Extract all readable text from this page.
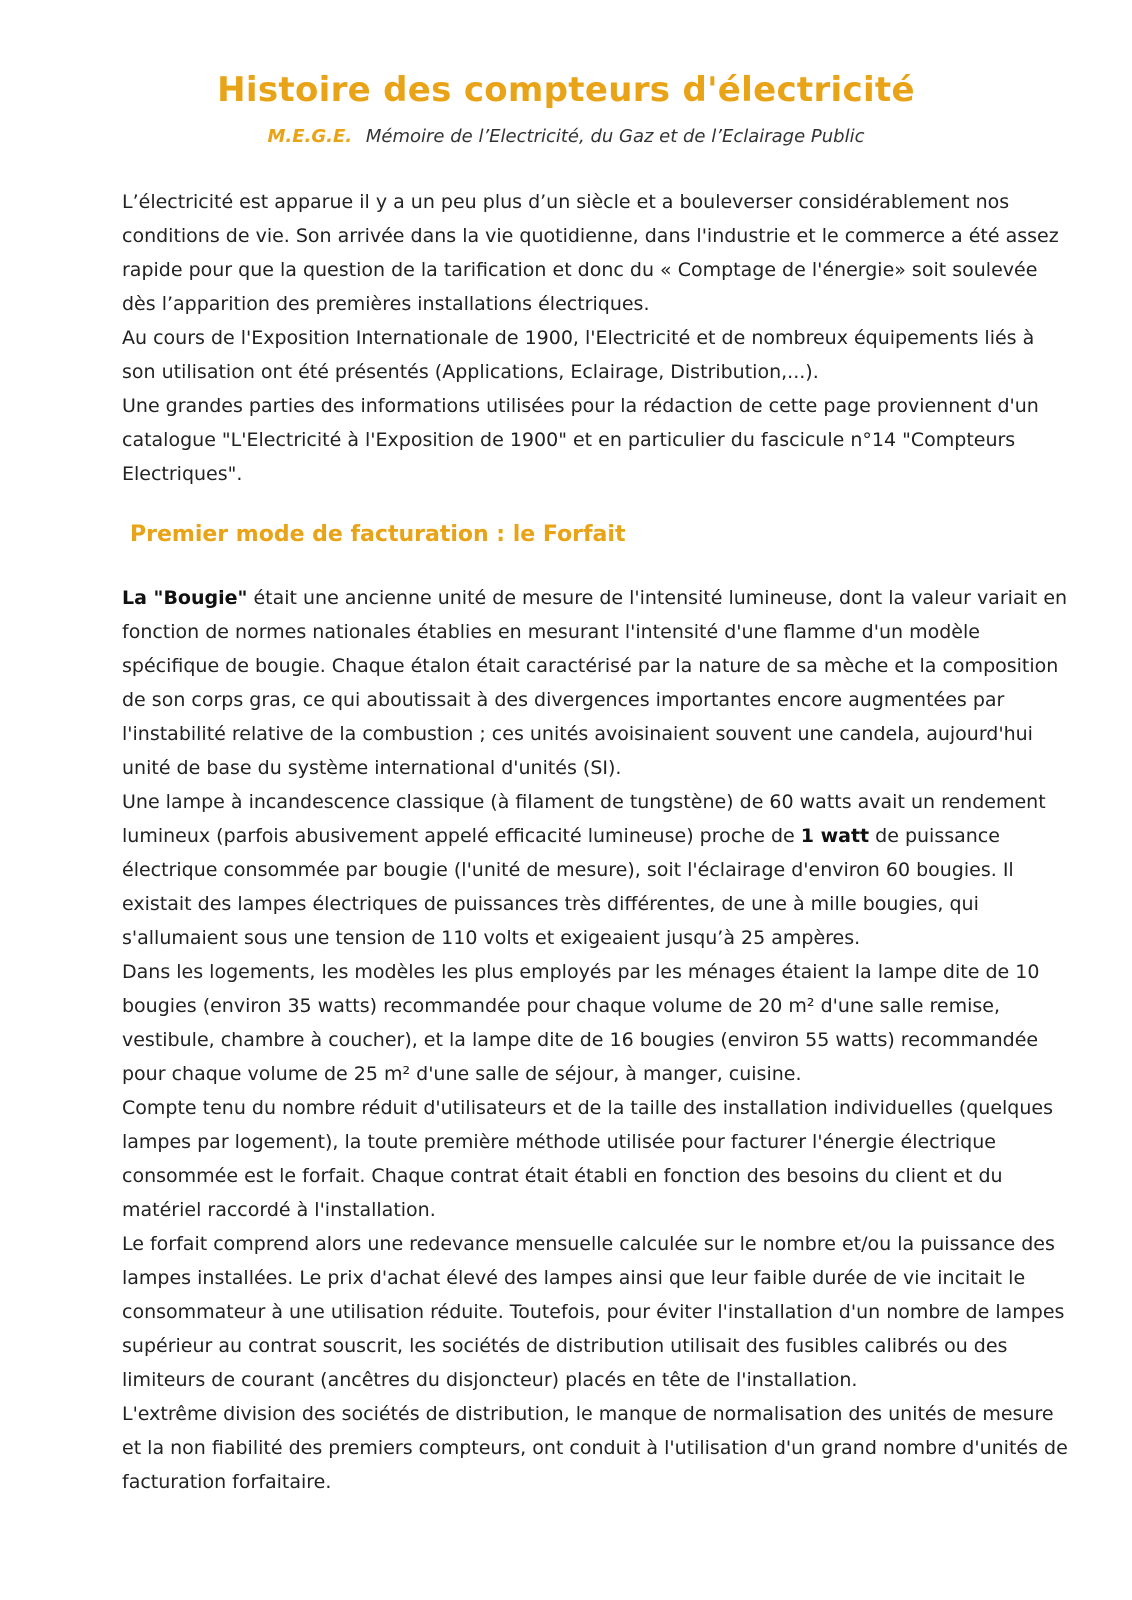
Histoire des compteurs d'électricité

M.E.G.E. Mémoire de l’Electricité, du Gaz et de l’Eclairage Public

L’électricité est apparue il y a un peu plus d’un siècle et a bouleverser considérablement nos conditions de vie. Son arrivée dans la vie quotidienne, dans l'industrie et le commerce a été assez rapide pour que la question de la tarification et donc du « Comptage de l'énergie» soit soulevée dès l’apparition des premières installations électriques.

Au cours de l'Exposition Internationale de 1900, l'Electricité et de nombreux équipements liés à son utilisation ont été présentés (Applications, Eclairage, Distribution,...).

Une grandes parties des informations utilisées pour la rédaction de cette page proviennent d'un catalogue "L'Electricité à l'Exposition de 1900" et en particulier du fascicule n°14 "Compteurs Electriques".

Premier mode de facturation : le Forfait

La "Bougie" était une ancienne unité de mesure de l'intensité lumineuse, dont la valeur variait en fonction de normes nationales établies en mesurant l'intensité d'une flamme d'un modèle spécifique de bougie. Chaque étalon était caractérisé par la nature de sa mèche et la composition de son corps gras, ce qui aboutissait à des divergences importantes encore augmentées par l'instabilité relative de la combustion ; ces unités avoisinaient souvent une candela, aujourd'hui unité de base du système international d'unités (SI).

Une lampe à incandescence classique (à filament de tungstène) de 60 watts avait un rendement lumineux (parfois abusivement appelé efficacité lumineuse) proche de 1 watt de puissance électrique consommée par bougie (l'unité de mesure), soit l'éclairage d'environ 60 bougies. Il existait des lampes électriques de puissances très différentes, de une à mille bougies, qui s'allumaient sous une tension de 110 volts et exigeaient jusqu’à 25 ampères.

Dans les logements, les modèles les plus employés par les ménages étaient la lampe dite de 10 bougies (environ 35 watts) recommandée pour chaque volume de 20 m² d'une salle remise, vestibule, chambre à coucher), et la lampe dite de 16 bougies (environ 55 watts) recommandée pour chaque volume de 25 m² d'une salle de séjour, à manger, cuisine.

Compte tenu du nombre réduit d'utilisateurs et de la taille des installation individuelles (quelques lampes par logement), la toute première méthode utilisée pour facturer l'énergie électrique consommée est le forfait. Chaque contrat était établi en fonction des besoins du client et du matériel raccordé à l'installation.

Le forfait comprend alors une redevance mensuelle calculée sur le nombre et/ou la puissance des lampes installées. Le prix d'achat élevé des lampes ainsi que leur faible durée de vie incitait le consommateur à une utilisation réduite. Toutefois, pour éviter l'installation d'un nombre de lampes supérieur au contrat souscrit, les sociétés de distribution utilisait des fusibles calibrés ou des limiteurs de courant (ancêtres du disjoncteur) placés en tête de l'installation.

L'extrême division des sociétés de distribution, le manque de normalisation des unités de mesure et la non fiabilité des premiers compteurs, ont conduit à l'utilisation d'un grand nombre d'unités de facturation forfaitaire.
